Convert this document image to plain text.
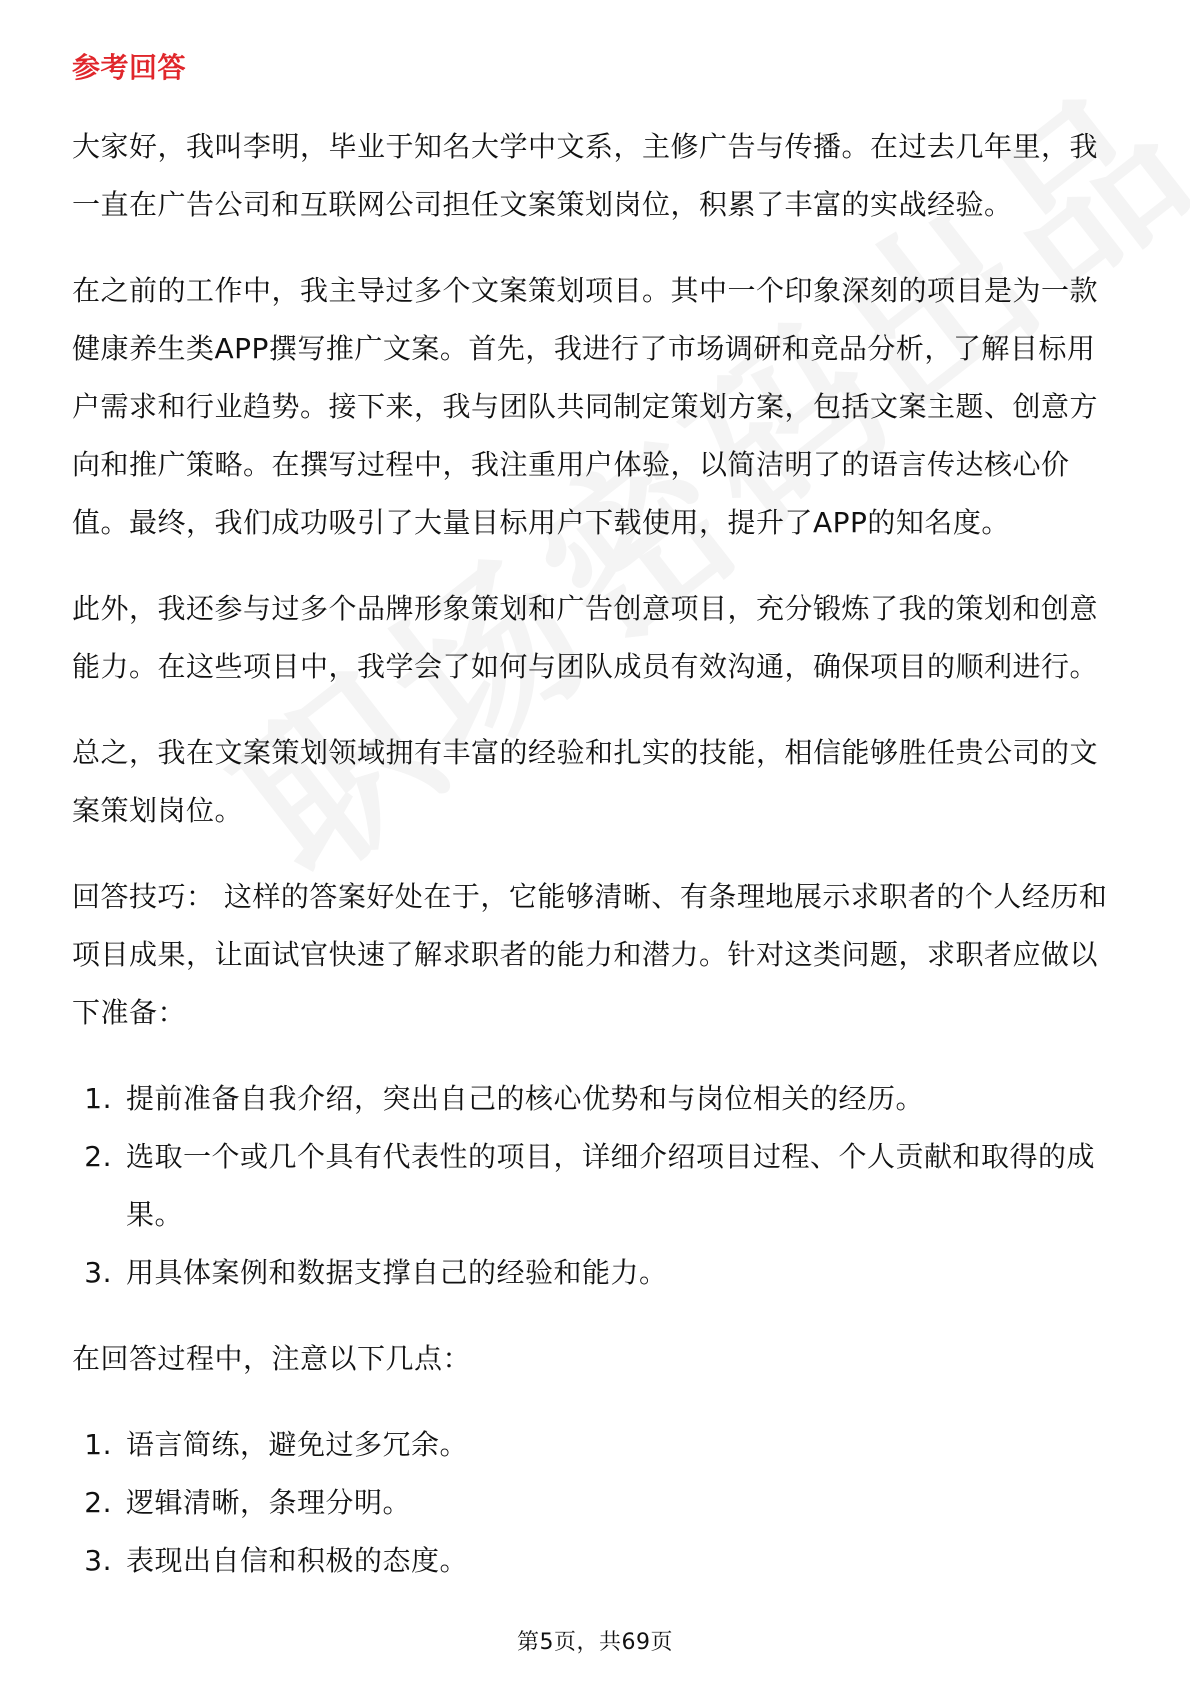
参考回答

大家好，我叫李明，毕业于知名大学中文系，主修广告与传播。在过去几年里，我一直在广告公司和互联网公司担任文案策划岗位，积累了丰富的实战经验。

在之前的工作中，我主导过多个文案策划项目。其中一个印象深刻的项目是为一款健康养生类APP撰写推广文案。首先，我进行了市场调研和竞品分析，了解目标用户需求和行业趋势。接下来，我与团队共同制定策划方案，包括文案主题、创意方向和推广策略。在撰写过程中，我注重用户体验，以简洁明了的语言传达核心价值。最终，我们成功吸引了大量目标用户下载使用，提升了APP的知名度。

此外，我还参与过多个品牌形象策划和广告创意项目，充分锻炼了我的策划和创意能力。在这些项目中，我学会了如何与团队成员有效沟通，确保项目的顺利进行。

总之，我在文案策划领域拥有丰富的经验和扎实的技能，相信能够胜任贵公司的文案策划岗位。

回答技巧： 这样的答案好处在于，它能够清晰、有条理地展示求职者的个人经历和项目成果，让面试官快速了解求职者的能力和潜力。针对这类问题，求职者应做以下准备：

1. 提前准备自我介绍，突出自己的核心优势和与岗位相关的经历。
2. 选取一个或几个具有代表性的项目，详细介绍项目过程、个人贡献和取得的成果。
3. 用具体案例和数据支撑自己的经验和能力。

在回答过程中，注意以下几点：

1. 语言简练，避免过多冗余。
2. 逻辑清晰，条理分明。
3. 表现出自信和积极的态度。
第5页，共69页
